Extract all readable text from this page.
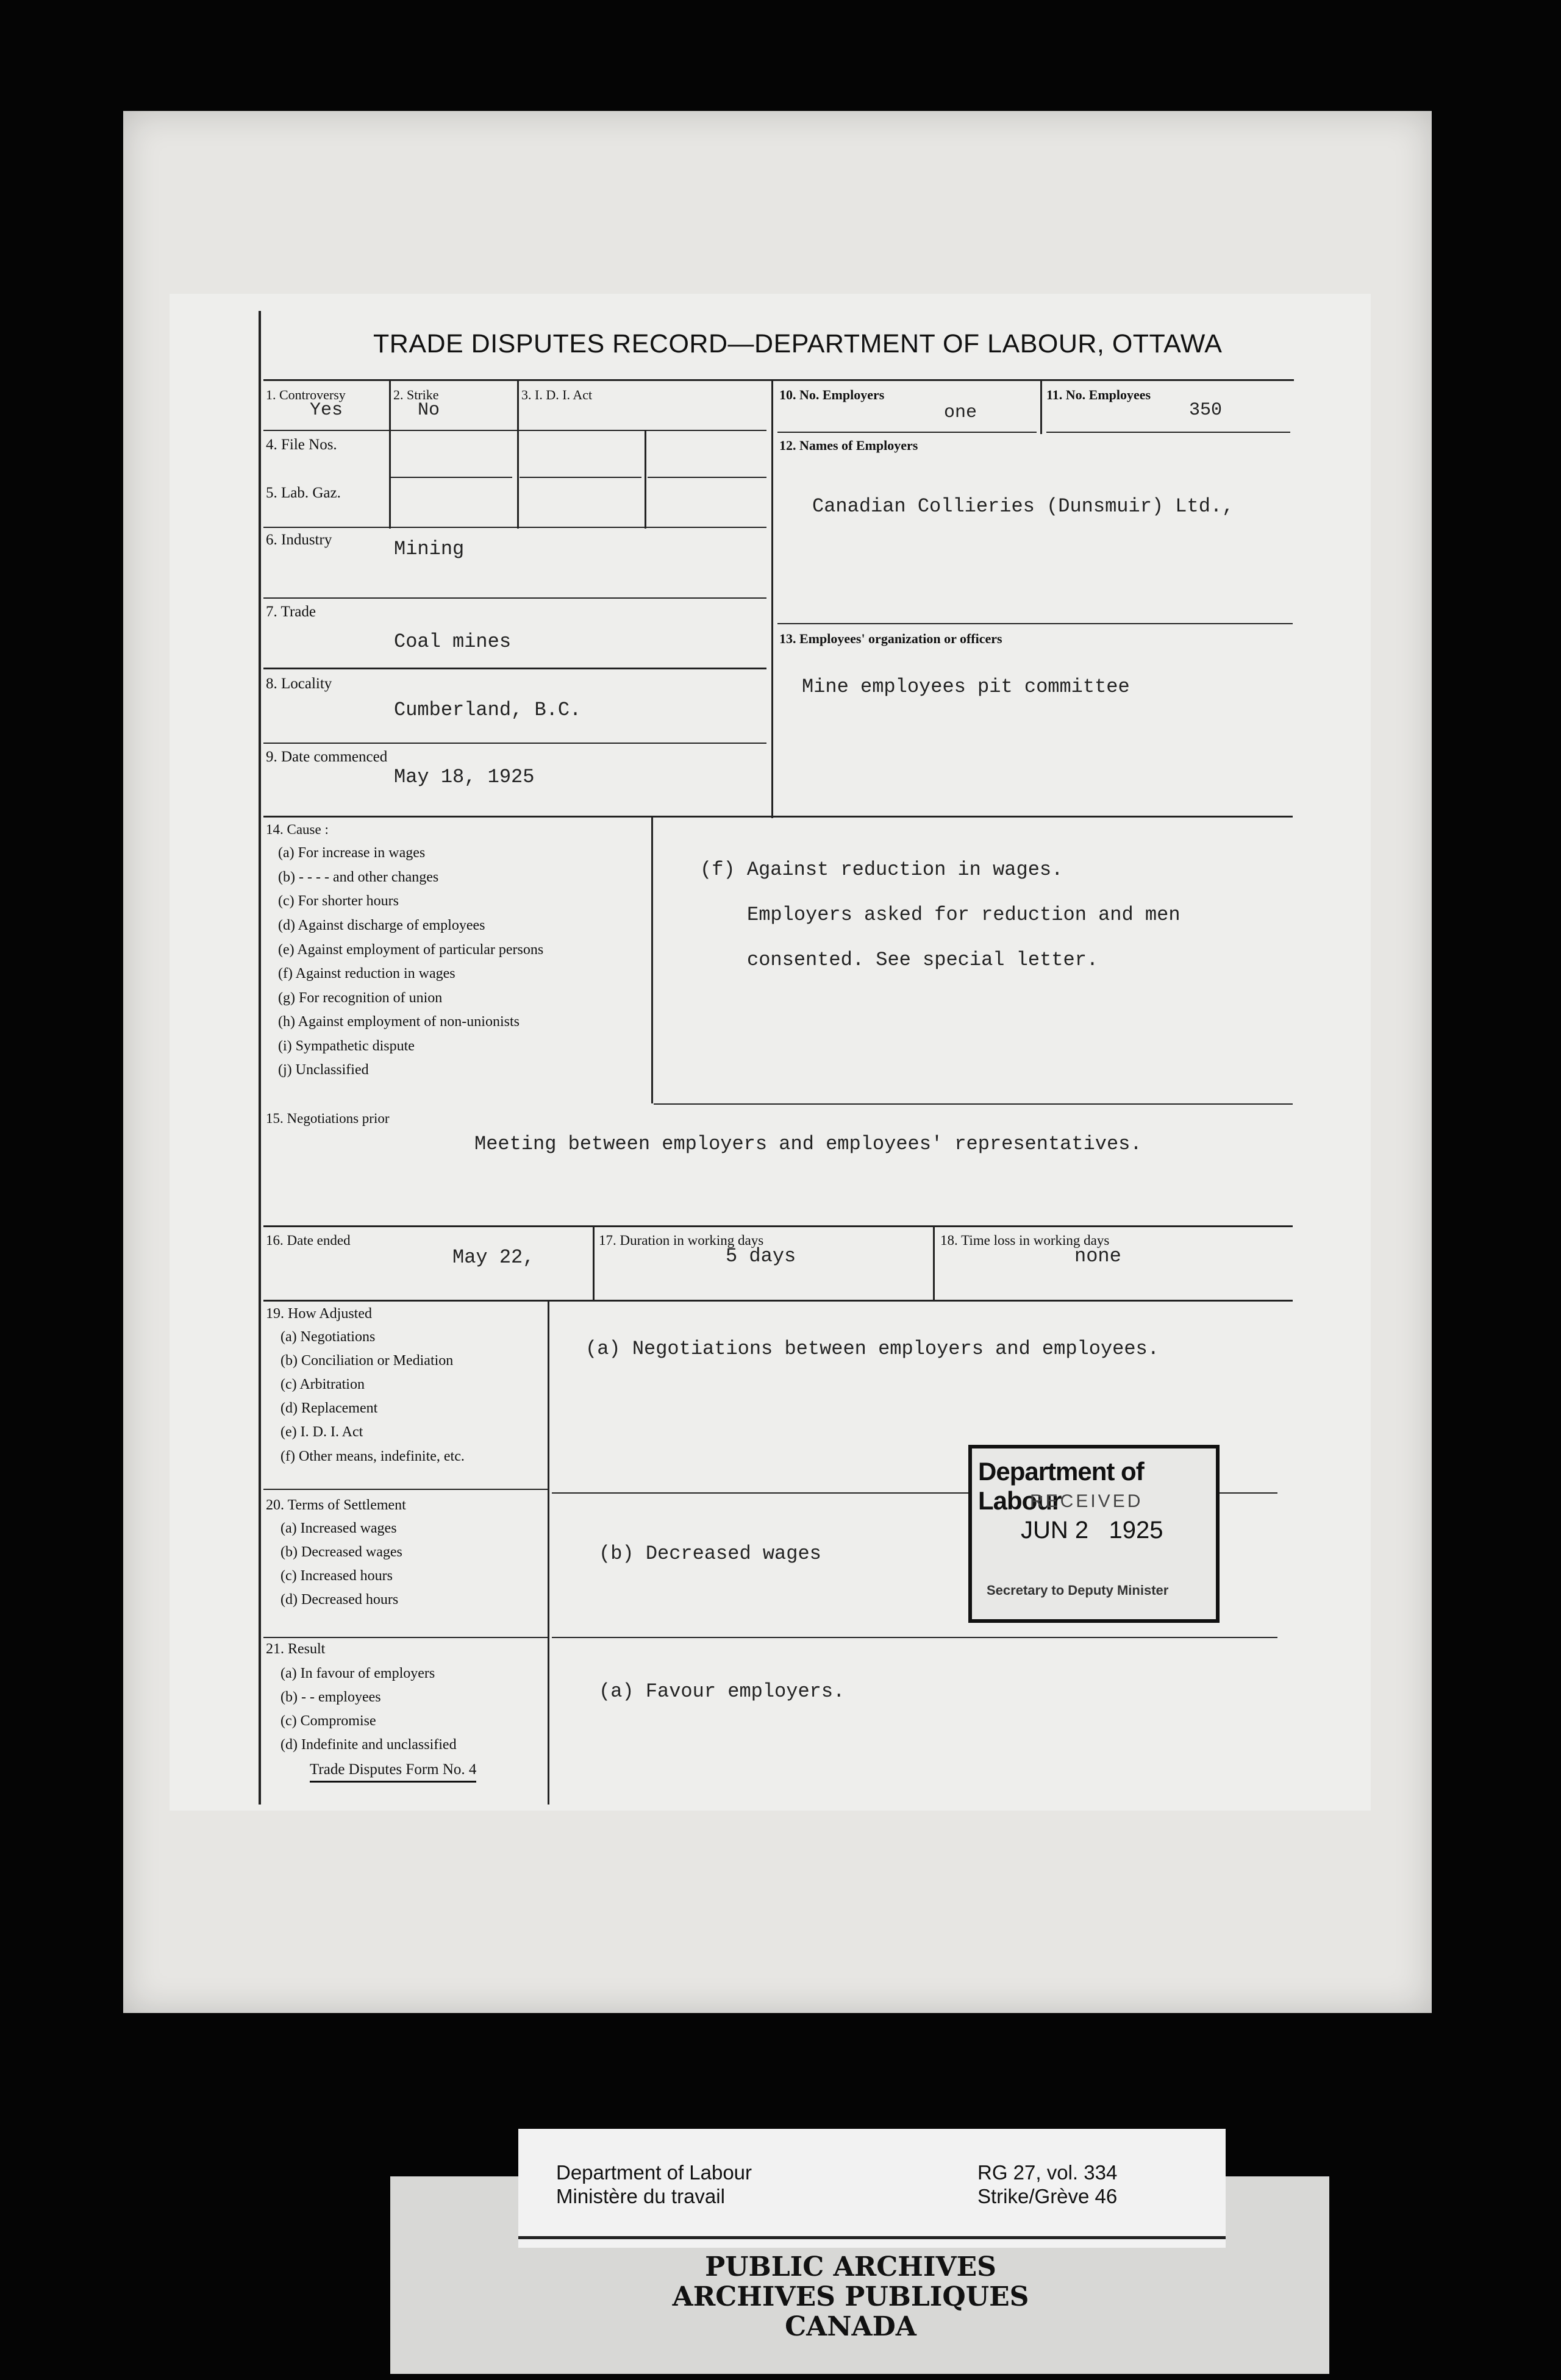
TRADE DISPUTES RECORD—DEPARTMENT OF LABOUR, OTTAWA
1. Controversy
Yes
2. Strike
No
3. I. D. I. Act	10. No. Employers
one
11. No. Employees
350
4. File Nos.
5. Lab. Gaz.
6. Industry	Mining
7. Trade
Coal mines
8. Locality
Cumberland, B.C.
9. Date commenced
May 18, 1925
12. Names of Employers
Canadian Collieries (Dunsmuir) Ltd.,
13. Employees' organization or officers
Mine employees pit committee
14. Cause :
(a) For increase in wages
(b) - - - - and other changes
(c) For shorter hours
(d) Against discharge of employees
(e) Against employment of particular persons
(f) Against reduction in wages
(g) For recognition of union
(h) Against employment of non-unionists
(i) Sympathetic dispute
(j) Unclassified
(f) Against reduction in wages.
Employers asked for reduction and men
consented. See special letter.
15. Negotiations prior
Meeting between employers and employees' representatives.
16. Date ended
May 22,
17. Duration in working days
5 days
18. Time loss in working days
none
19. How Adjusted
(a) Negotiations
(b) Conciliation or Mediation
(c) Arbitration
(d) Replacement
(e) I. D. I. Act
(f) Other means, indefinite, etc.
(a) Negotiations between employers and employees.
20. Terms of Settlement
(a) Increased wages
(b) Decreased wages
(c) Increased hours
(d) Decreased hours
(b) Decreased wages
21. Result
(a) In favour of employers
(b) - - employees
(c) Compromise
(d) Indefinite and unclassified
Trade Disputes Form No. 4
(a) Favour employers.
Department of Labour
RECEIVED
JUN 2   1925
Secretary to Deputy Minister
Department of Labour
Ministère du travail
RG 27, vol. 334
Strike/Grève 46
PUBLIC ARCHIVES
ARCHIVES PUBLIQUES
CANADA
